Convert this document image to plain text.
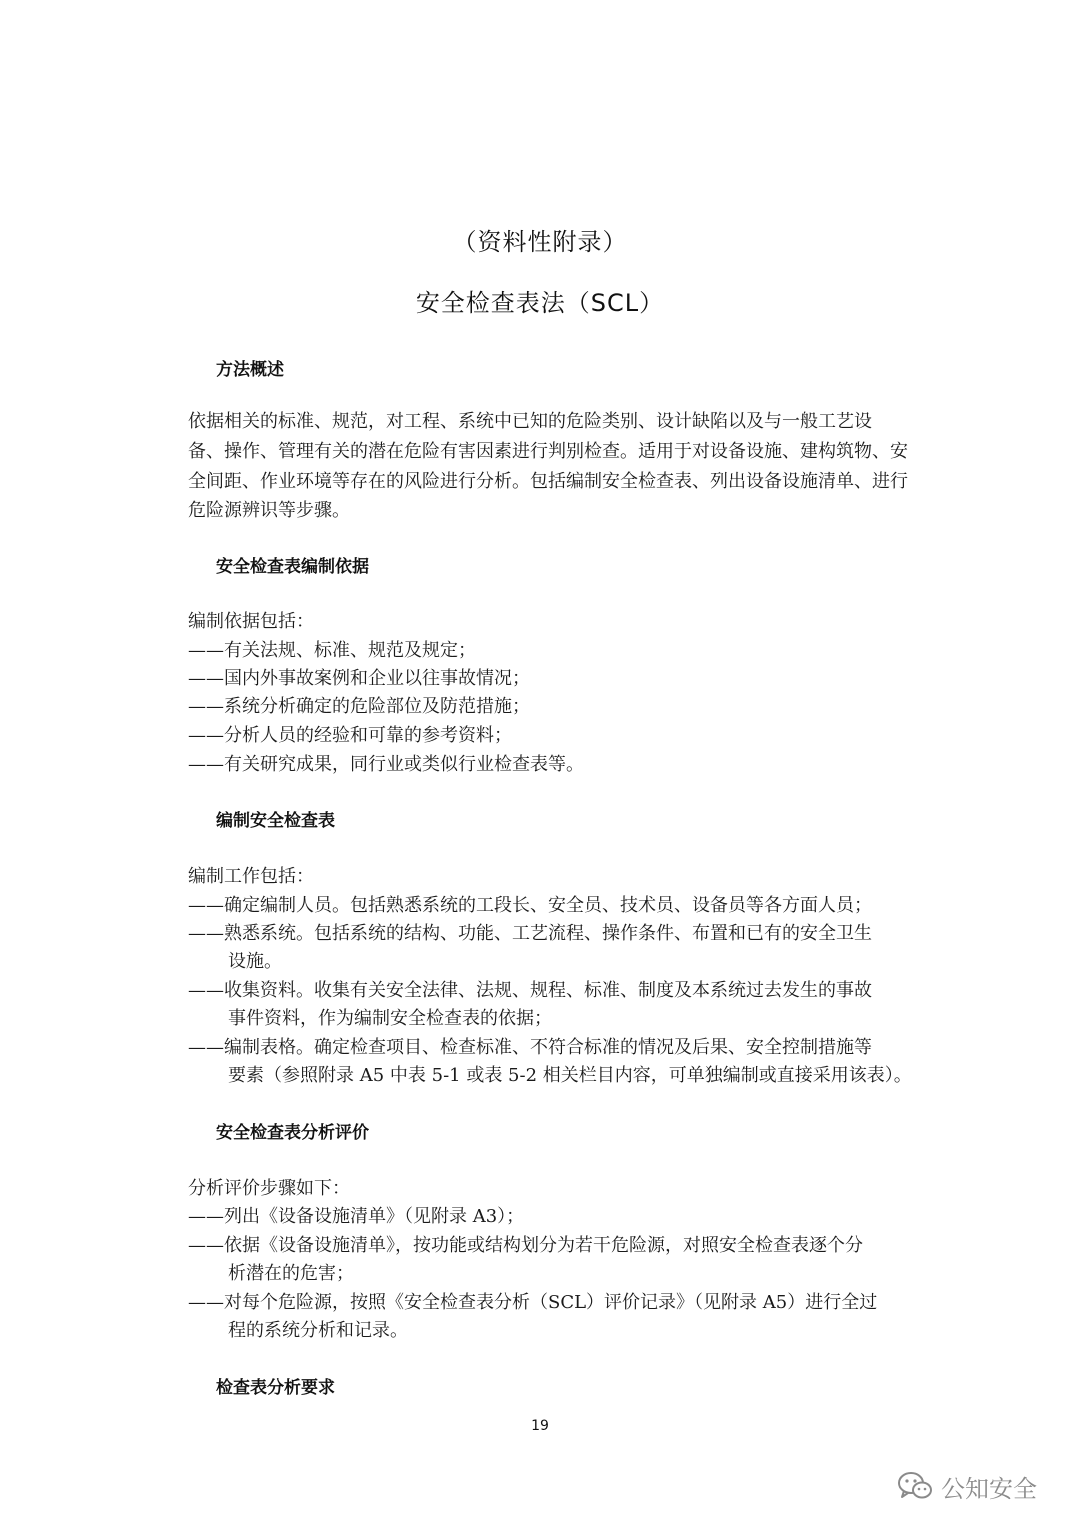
（资料性附录）
安全检查表法（SCL）
方法概述
依据相关的标准、规范，对工程、系统中已知的危险类别、设计缺陷以及与一般工艺设
备、操作、管理有关的潜在危险有害因素进行判别检查。适用于对设备设施、建构筑物、安
全间距、作业环境等存在的风险进行分析。包括编制安全检查表、列出设备设施清单、进行
危险源辨识等步骤。
安全检查表编制依据
编制依据包括：
——有关法规、标准、规范及规定；
——国内外事故案例和企业以往事故情况；
——系统分析确定的危险部位及防范措施；
——分析人员的经验和可靠的参考资料；
——有关研究成果，同行业或类似行业检查表等。
编制安全检查表
编制工作包括：
——确定编制人员。包括熟悉系统的工段长、安全员、技术员、设备员等各方面人员；
——熟悉系统。包括系统的结构、功能、工艺流程、操作条件、布置和已有的安全卫生
设施。
——收集资料。收集有关安全法律、法规、规程、标准、制度及本系统过去发生的事故
事件资料，作为编制安全检查表的依据；
——编制表格。确定检查项目、检查标准、不符合标准的情况及后果、安全控制措施等
要素（参照附录 A5 中表 5-1 或表 5-2 相关栏目内容，可单独编制或直接采用该表）。
安全检查表分析评价
分析评价步骤如下：
——列出《设备设施清单》（见附录 A3）；
——依据《设备设施清单》，按功能或结构划分为若干危险源，对照安全检查表逐个分
析潜在的危害；
——对每个危险源，按照《安全检查表分析（SCL）评价记录》（见附录 A5）进行全过
程的系统分析和记录。
检查表分析要求
19
公知安全
